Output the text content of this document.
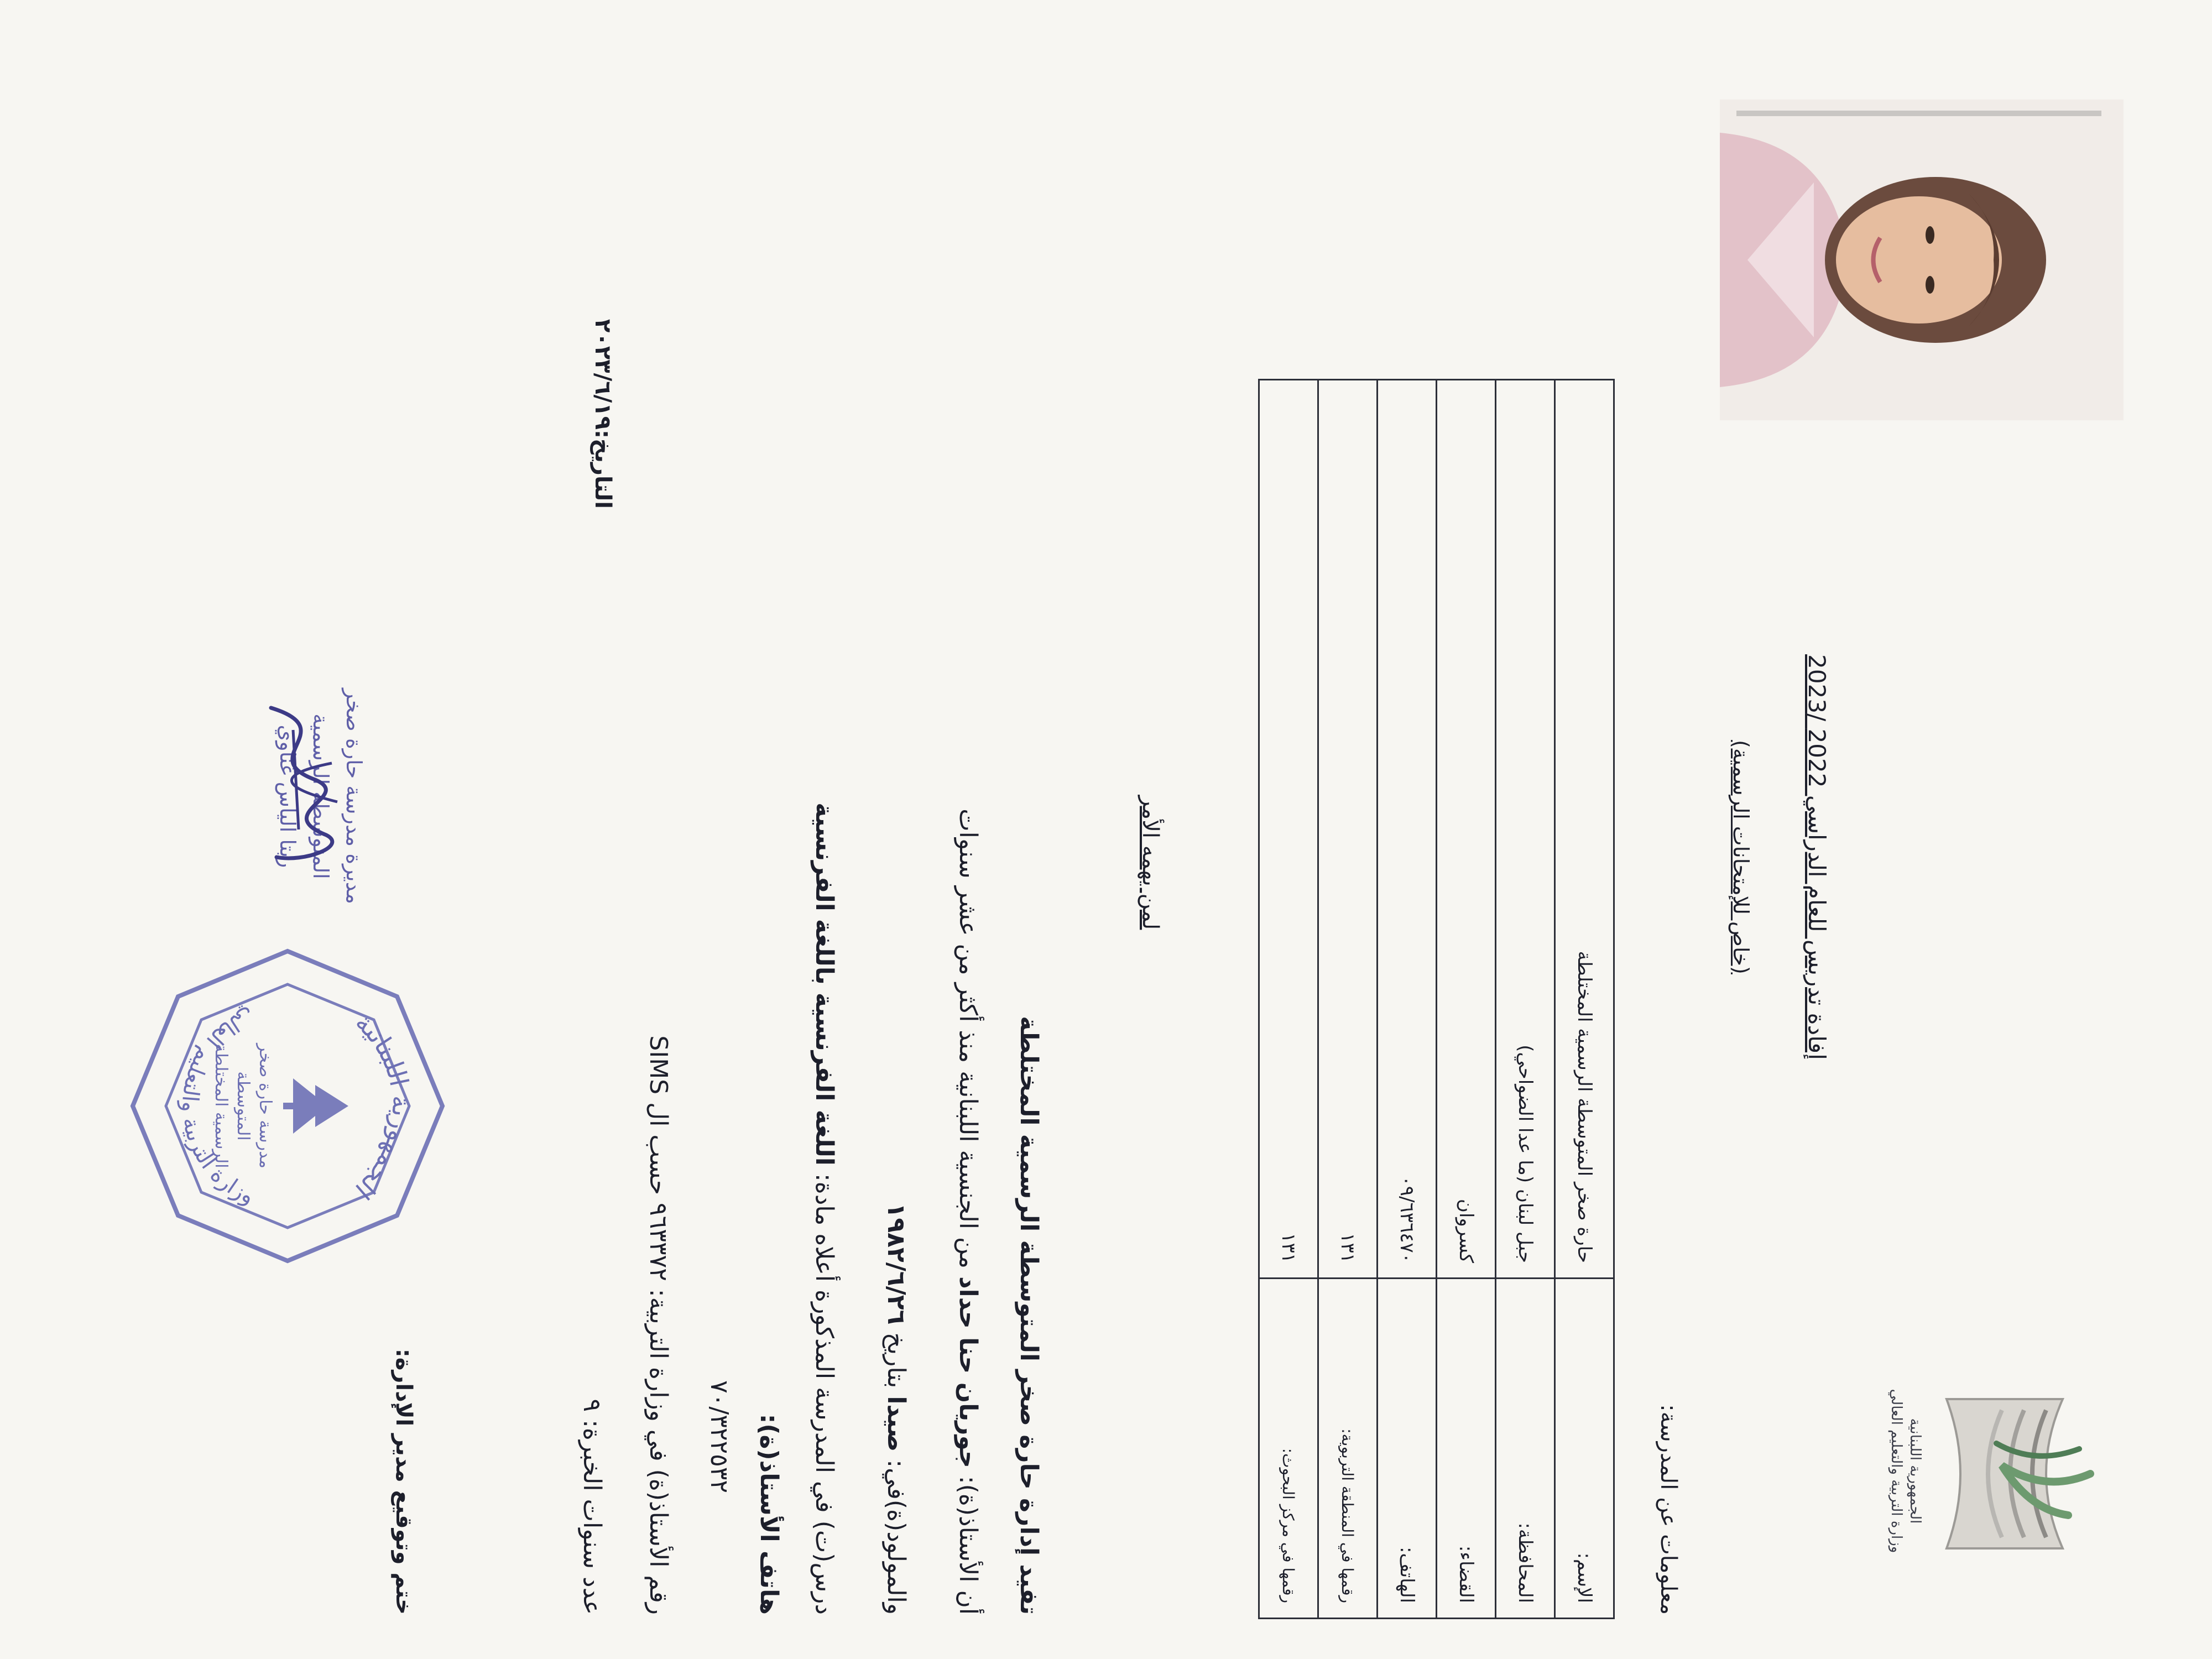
الجمهورية اللبنانية
وزارة التربية والتعليم العالي
إفادة تدريس للعام الدراسي 2022 /2023
(خاص للإمتحانات الرسمية)
معلومات عن المدرسة:
الإسم:	حارة صخر المتوسطة الرسمية المختلطة
المحافظة:	جبل لبنان (ما عدا الضواحي)
القضاء:	كسروان
الهاتف:	٠٩/٦٣٦٤٧٠
رقمها في المنطقة التربوية:	١٣١
رقمها في مركز البحوث:	١٣١
لمن يهمه الأمر
تفيد إدارة حارة صخر المتوسطة الرسمية المختلطة
أن الأستاذ(ة): جوريان حنا حداد من الجنسية اللبنانية منذ أكثر من عشر سنوات
والمولود(ة)في: صيدا بتاريخ ١٩٨٢/٦/٢٦
درس(ت) في المدرسة المذكورة أعلاه مادة: اللغة الفرنسية باللغة الفرنسية
هاتف الأستاذ(ة):
٧٠/٣٢٢٥٣٢
رقم الأستاذ(ة) في وزارة التربية: ٩٦٣٣٧٢ حسب ال SIMS
عدد سنوات الخبرة: ٩
الجمهورية اللبنانية
وزارة التربية والتعليم العالي
مدرسة حارة صخر
المتوسطة
الرسمية المختلطة
مديرة مدرسة حارة صخر
المتوسطة الرسمية
ريتا الياس غناوي
ختم وتوقيع مدير الإدارة:
التاريخ:٢٠٢٣/٦/١٩
